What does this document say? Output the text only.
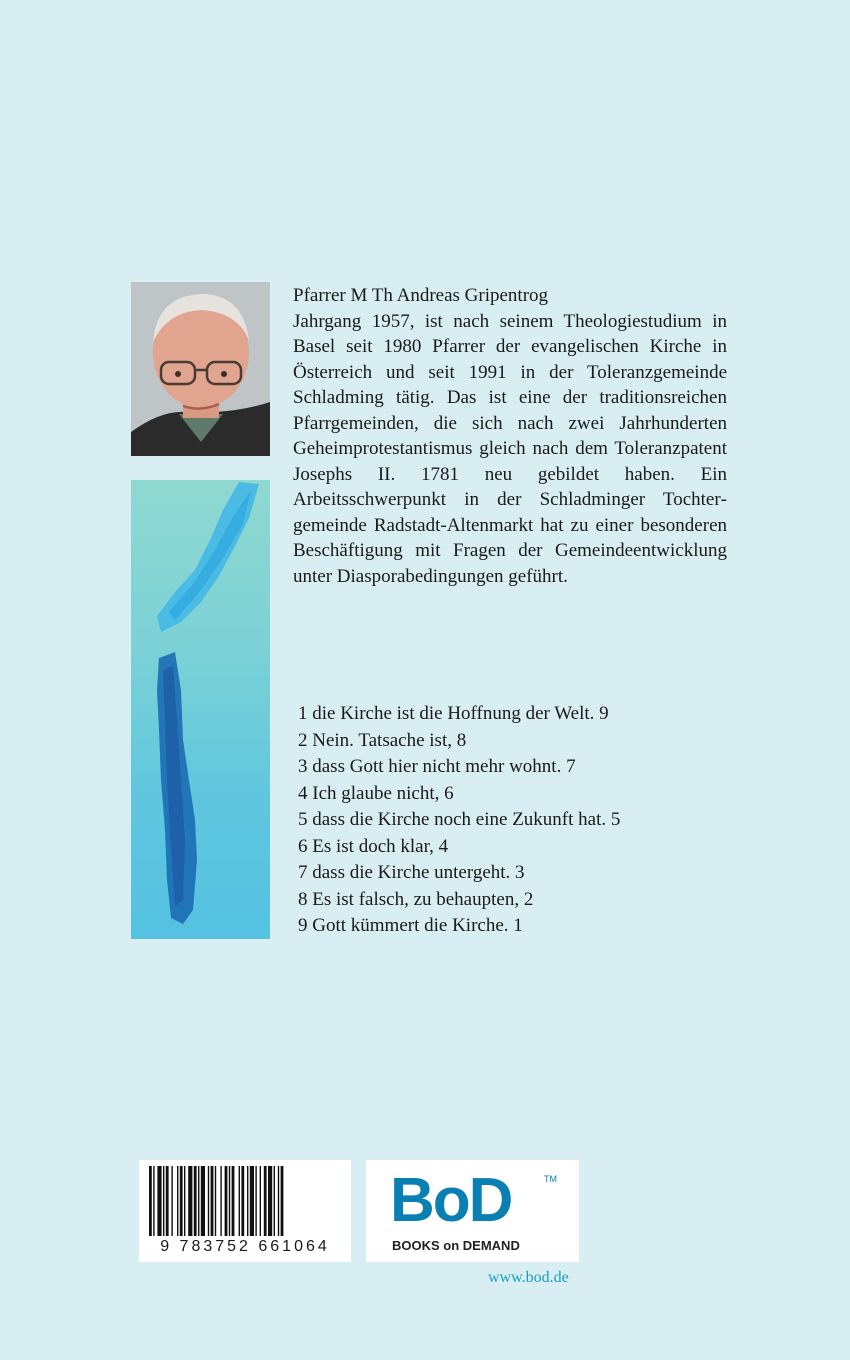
Pfarrer M Th Andreas Gripentrog
Jahrgang 1957, ist nach seinem Theologiestudium in Basel seit 1980 Pfarrer der evangelischen Kirche in Österreich und seit 1991 in der Toleranzgemeinde Schladming tätig. Das ist eine der traditionsreichen Pfarrgemeinden, die sich nach zwei Jahrhunderten Geheimprotestantismus gleich nach dem Toleranzpatent Josephs II. 1781 neu gebildet haben. Ein Arbeitsschwerpunkt in der Schladminger Tochtergemeinde Radstadt-Altenmarkt hat zu einer besonderen Beschäftigung mit Fragen der Gemeindeentwicklung unter Diasporabedingungen geführt.
1 die Kirche ist die Hoffnung der Welt. 9
2 Nein. Tatsache ist, 8
3 dass Gott hier nicht mehr wohnt. 7
4 Ich glaube nicht, 6
5 dass die Kirche noch eine Zukunft hat. 5
6 Es ist doch klar, 4
7 dass die Kirche untergeht. 3
8 Es ist falsch, zu behaupten, 2
9 Gott kümmert die Kirche. 1
9 783752 661064
BoD	TM
BOOKS on DEMAND
www.bod.de
